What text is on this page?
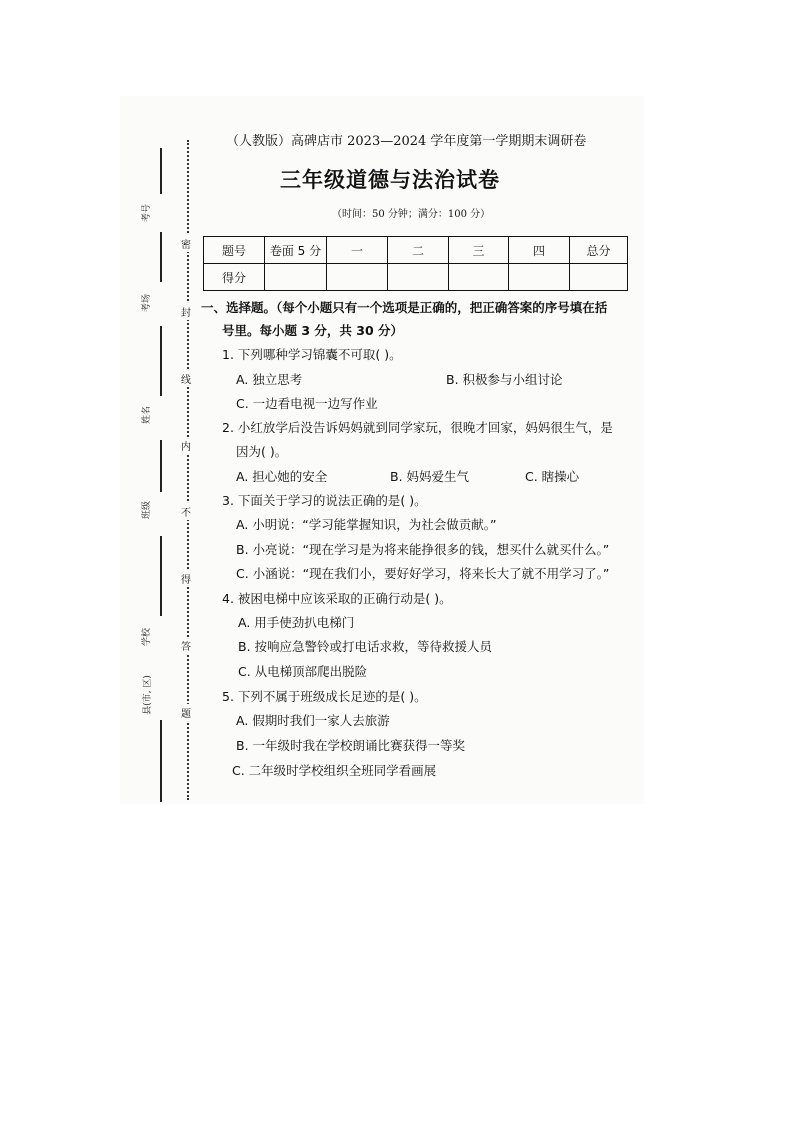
考号
考场
姓名
班级
学校
县(市, 区)
密
封
线
内
不
得
答
题
（人教版）高碑店市 2023—2024 学年度第一学期期末调研卷
三年级道德与法治试卷
（时间：50 分钟；满分：100 分）
题号	卷面 5 分	一	二	三	四	总分
得分						
一、选择题。（每个小题只有一个选项是正确的，把正确答案的序号填在括
号里。每小题 3 分，共 30 分）
1. 下列哪种学习锦囊不可取( )。
A. 独立思考	B. 积极参与小组讨论
C. 一边看电视一边写作业
2. 小红放学后没告诉妈妈就到同学家玩，很晚才回家，妈妈很生气，是
因为( )。
A. 担心她的安全	B. 妈妈爱生气	C. 瞎操心
3. 下面关于学习的说法正确的是( )。
A. 小明说：“学习能掌握知识，为社会做贡献。”
B. 小亮说：“现在学习是为将来能挣很多的钱，想买什么就买什么。”
C. 小涵说：“现在我们小，要好好学习，将来长大了就不用学习了。”
4. 被困电梯中应该采取的正确行动是( )。
A. 用手使劲扒电梯门
B. 按响应急警铃或打电话求救，等待救援人员
C. 从电梯顶部爬出脱险
5. 下列不属于班级成长足迹的是( )。
A. 假期时我们一家人去旅游
B. 一年级时我在学校朗诵比赛获得一等奖
C. 二年级时学校组织全班同学看画展
